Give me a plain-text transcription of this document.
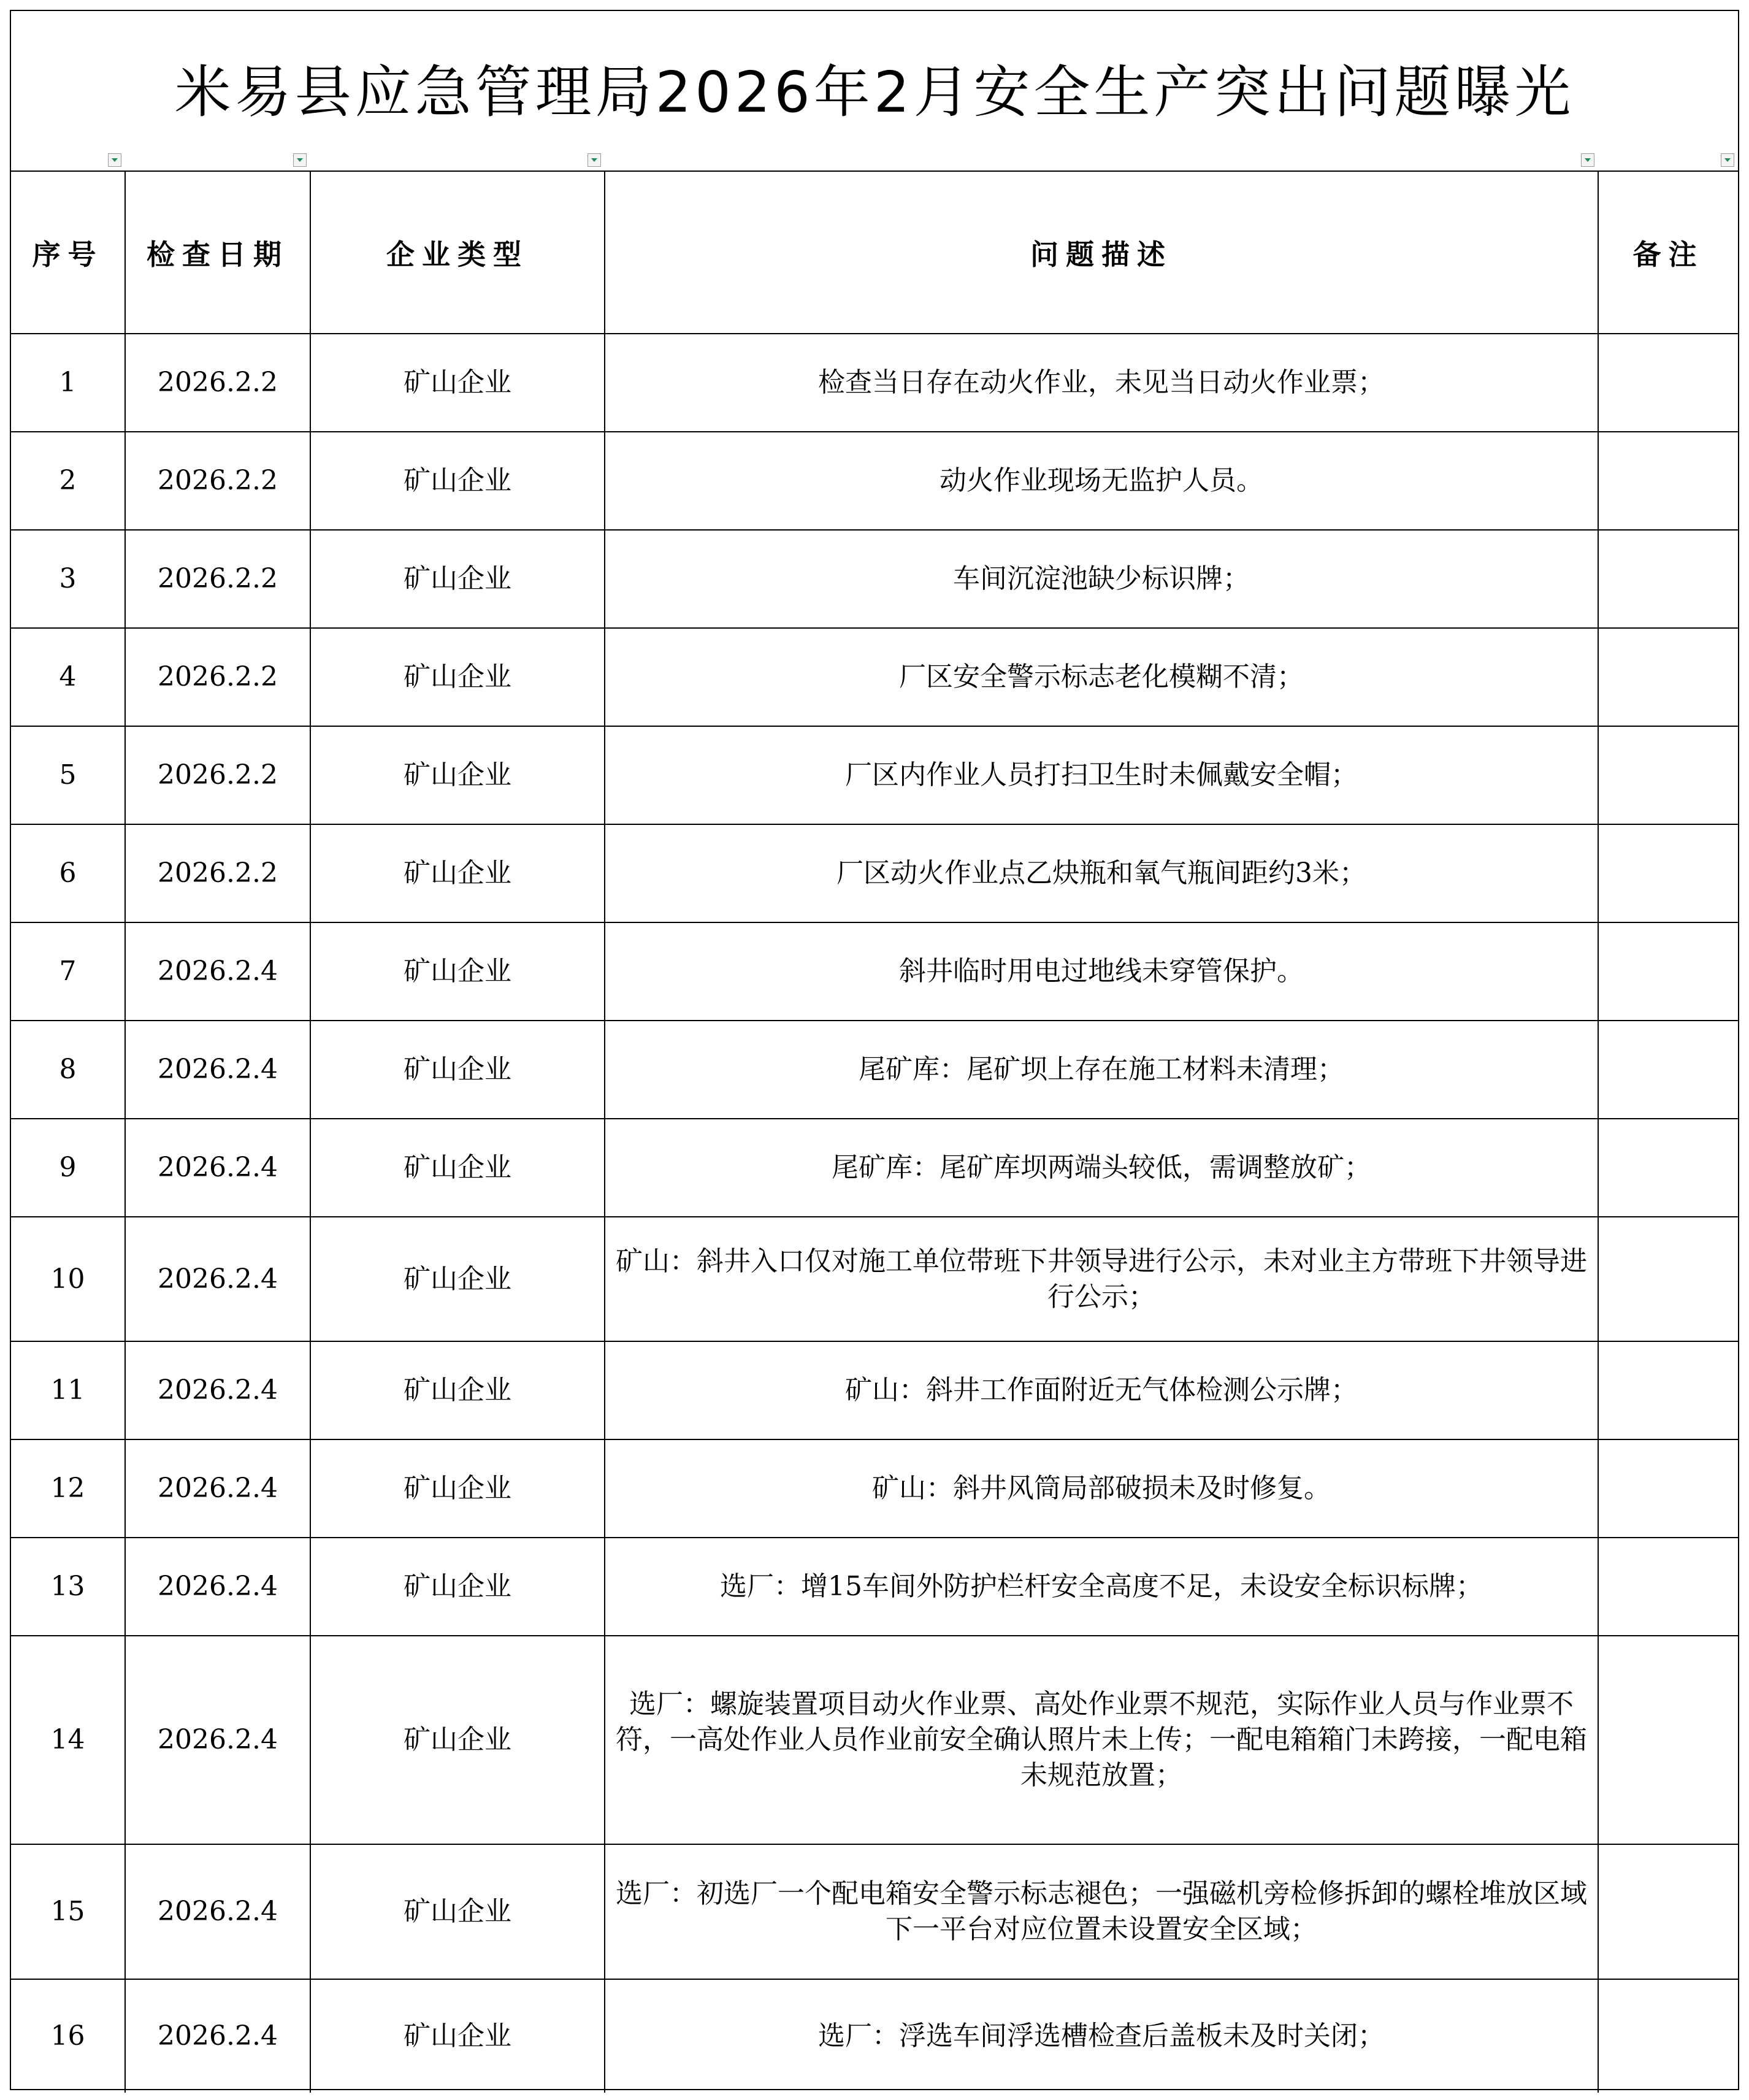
米易县应急管理局2026年2月安全生产突出问题曝光
序号	检查日期	企业类型	问题描述	备注
1	2026.2.2	矿山企业	检查当日存在动火作业，未见当日动火作业票；	
2	2026.2.2	矿山企业	动火作业现场无监护人员。	
3	2026.2.2	矿山企业	车间沉淀池缺少标识牌；	
4	2026.2.2	矿山企业	厂区安全警示标志老化模糊不清；	
5	2026.2.2	矿山企业	厂区内作业人员打扫卫生时未佩戴安全帽；	
6	2026.2.2	矿山企业	厂区动火作业点乙炔瓶和氧气瓶间距约3米；	
7	2026.2.4	矿山企业	斜井临时用电过地线未穿管保护。	
8	2026.2.4	矿山企业	尾矿库：尾矿坝上存在施工材料未清理；	
9	2026.2.4	矿山企业	尾矿库：尾矿库坝两端头较低，需调整放矿；	
10	2026.2.4	矿山企业	矿山：斜井入口仅对施工单位带班下井领导进行公示，未对业主方带班下井领导进行公示；	
11	2026.2.4	矿山企业	矿山：斜井工作面附近无气体检测公示牌；	
12	2026.2.4	矿山企业	矿山：斜井风筒局部破损未及时修复。	
13	2026.2.4	矿山企业	选厂：增15车间外防护栏杆安全高度不足，未设安全标识标牌；	
14	2026.2.4	矿山企业	选厂：螺旋装置项目动火作业票、高处作业票不规范，实际作业人员与作业票不符，一高处作业人员作业前安全确认照片未上传；一配电箱箱门未跨接，一配电箱未规范放置；	
15	2026.2.4	矿山企业	选厂：初选厂一个配电箱安全警示标志褪色；一强磁机旁检修拆卸的螺栓堆放区域下一平台对应位置未设置安全区域；	
16	2026.2.4	矿山企业	选厂：浮选车间浮选槽检查后盖板未及时关闭；	
